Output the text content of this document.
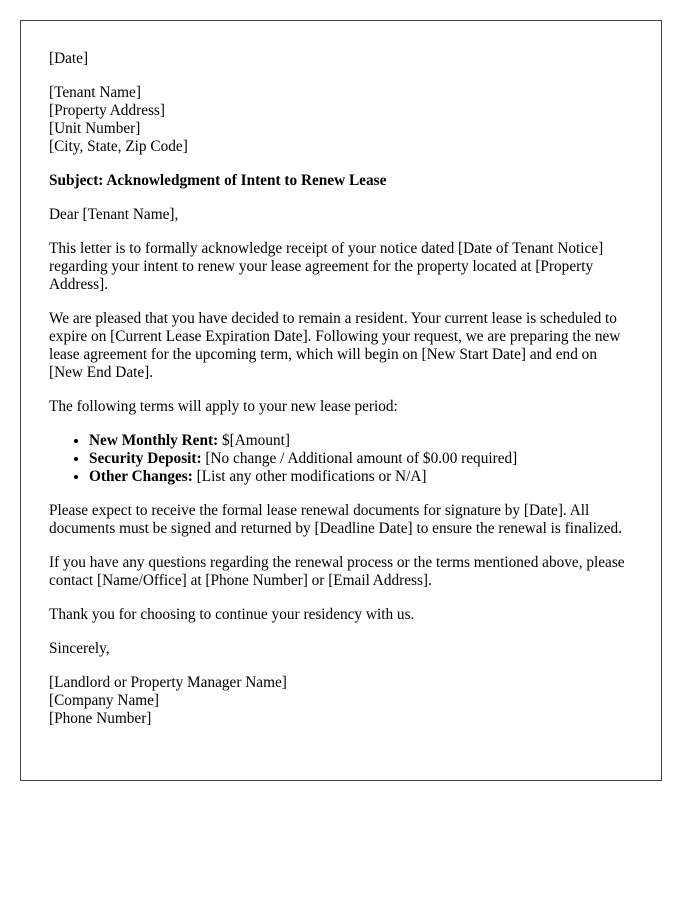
[Date]

[Tenant Name]
[Property Address]
[Unit Number]
[City, State, Zip Code]

Subject: Acknowledgment of Intent to Renew Lease

Dear [Tenant Name],

This letter is to formally acknowledge receipt of your notice dated [Date of Tenant Notice] regarding your intent to renew your lease agreement for the property located at [Property Address].

We are pleased that you have decided to remain a resident. Your current lease is scheduled to expire on [Current Lease Expiration Date]. Following your request, we are preparing the new lease agreement for the upcoming term, which will begin on [New Start Date] and end on [New End Date].

The following terms will apply to your new lease period:

• New Monthly Rent: $[Amount]
• Security Deposit: [No change / Additional amount of $0.00 required]
• Other Changes: [List any other modifications or N/A]

Please expect to receive the formal lease renewal documents for signature by [Date]. All documents must be signed and returned by [Deadline Date] to ensure the renewal is finalized.

If you have any questions regarding the renewal process or the terms mentioned above, please contact [Name/Office] at [Phone Number] or [Email Address].

Thank you for choosing to continue your residency with us.

Sincerely,

[Landlord or Property Manager Name]
[Company Name]
[Phone Number]
